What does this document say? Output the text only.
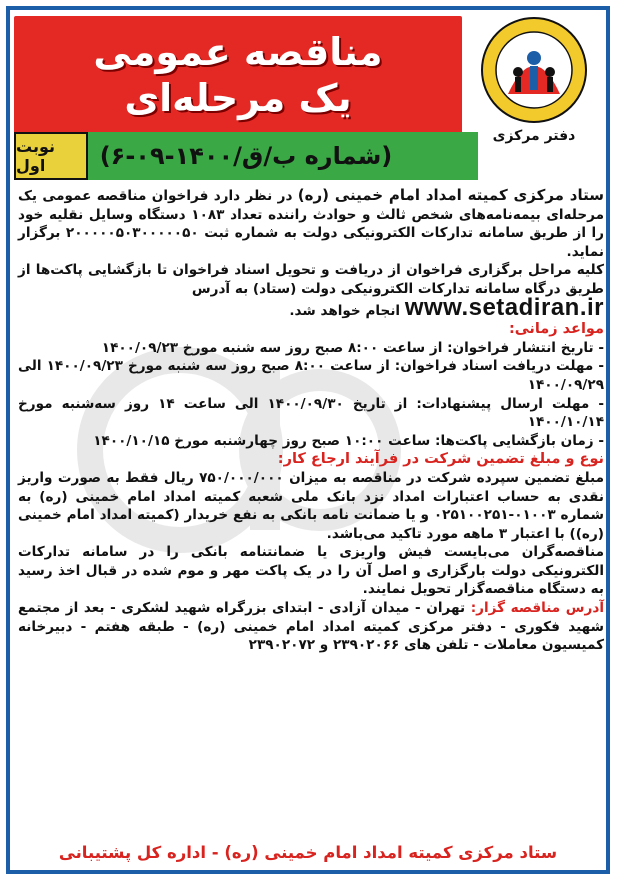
مناقصه عمومی
یک مرحله‌ای
دفتر مرکزی
(شماره ب/ق/۱۴۰۰-۰۹-۶)
نوبت اول

ستاد مرکزی کمیته امداد امام خمینی (ره) در نظر دارد فراخوان مناقصه عمومی یک مرحله‌ای بیمه‌نامه‌های شخص ثالث و حوادث راننده تعداد ۱۰۸۳ دستگاه وسایل نقلیه خود را از طریق سامانه تدارکات الکترونیکی دولت به شماره ثبت ۲۰۰۰۰۰۵۰۳۰۰۰۰۰۵۰ برگزار نماید.

کلیه مراحل برگزاری فراخوان از دریافت و تحویل اسناد فراخوان تا بازگشایی پاکت‌ها از طریق درگاه سامانه تدارکات الکترونیکی دولت (ستاد) به آدرس
www.setadiran.ir انجام خواهد شد.

مواعد زمانی:

- تاریخ انتشار فراخوان: از ساعت ۸:۰۰ صبح روز سه شنبه مورخ ۱۴۰۰/۰۹/۲۳

- مهلت دریافت اسناد فراخوان: از ساعت ۸:۰۰ صبح روز سه شنبه مورخ ۱۴۰۰/۰۹/۲۳ الی ۱۴۰۰/۰۹/۲۹

- مهلت ارسال پیشنهادات: از تاریخ ۱۴۰۰/۰۹/۳۰ الی ساعت ۱۴ روز سه‌شنبه مورخ ۱۴۰۰/۱۰/۱۴

- زمان بازگشایی پاکت‌ها: ساعت ۱۰:۰۰ صبح روز چهارشنبه مورخ ۱۴۰۰/۱۰/۱۵

نوع و مبلغ تضمین شرکت در فرآیند ارجاع کار:

مبلغ تضمین سپرده شرکت در مناقصه به میزان ۷۵۰/۰۰۰/۰۰۰ ریال فقط به صورت واریز نقدی به حساب اعتبارات امداد نزد بانک ملی شعبه کمیته امداد امام خمینی (ره) به شماره ۰۱۰۰۳-۰۲۵۱۰۰۲۵۱ و یا ضمانت نامه بانکی به نفع خریدار (کمیته امداد امام خمینی (ره)) با اعتبار ۳ ماهه مورد تاکید می‌باشد.

مناقصه‌گران می‌بایست فیش واریزی یا ضمانتنامه بانکی را در سامانه تدارکات الکترونیکی دولت بارگزاری و اصل آن را در یک پاکت مهر و موم شده در قبال اخذ رسید به دستگاه مناقصه‌گزار تحویل نمایند.

آدرس مناقصه گزار: تهران - میدان آزادی - ابتدای بزرگراه شهید لشکری - بعد از مجتمع شهید فکوری - دفتر مرکزی کمیته امداد امام خمینی (ره) - طبقه هفتم - دبیرخانه کمیسیون معاملات - تلفن های ۲۳۹۰۲۰۶۶ و ۲۳۹۰۲۰۷۲

ستاد مرکزی کمیته امداد امام خمینی (ره) - اداره کل پشتیبانی
